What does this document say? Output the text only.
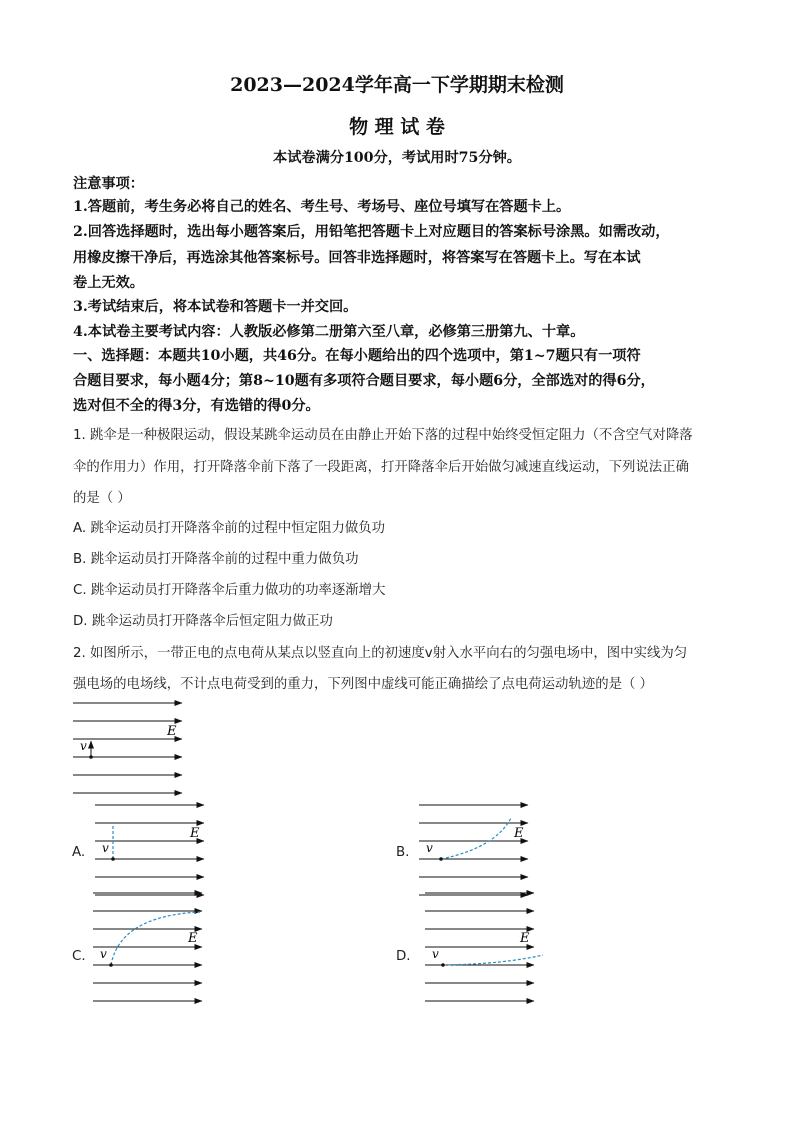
2023—2024学年高一下学期期末检测
物 理 试 卷
本试卷满分100分，考试用时75分钟。
注意事项：
1.答题前，考生务必将自己的姓名、考生号、考场号、座位号填写在答题卡上。
2.回答选择题时，选出每小题答案后，用铅笔把答题卡上对应题目的答案标号涂黑。如需改动，
用橡皮擦干净后，再选涂其他答案标号。回答非选择题时，将答案写在答题卡上。写在本试
卷上无效。
3.考试结束后，将本试卷和答题卡一并交回。
4.本试卷主要考试内容：人教版必修第二册第六至八章，必修第三册第九、十章。
一、选择题：本题共10小题，共46分。在每小题给出的四个选项中，第1~7题只有一项符
合题目要求，每小题4分；第8~10题有多项符合题目要求，每小题6分，全部选对的得6分，
选对但不全的得3分，有选错的得0分。
1. 跳伞是一种极限运动，假设某跳伞运动员在由静止开始下落的过程中始终受恒定阻力（不含空气对降落
伞的作用力）作用，打开降落伞前下落了一段距离，打开降落伞后开始做匀减速直线运动，下列说法正确
的是（ ）
A. 跳伞运动员打开降落伞前的过程中恒定阻力做负功
B. 跳伞运动员打开降落伞前的过程中重力做负功
C. 跳伞运动员打开降落伞后重力做功的功率逐渐增大
D. 跳伞运动员打开降落伞后恒定阻力做正功
2. 如图所示，一带正电的点电荷从某点以竖直向上的初速度v射入水平向右的匀强电场中，图中实线为匀
强电场的电场线，不计点电荷受到的重力，下列图中虚线可能正确描绘了点电荷运动轨迹的是（ ）
A.	B.
C.	D.
v
E
v
E
v
E
v
E
v
E
